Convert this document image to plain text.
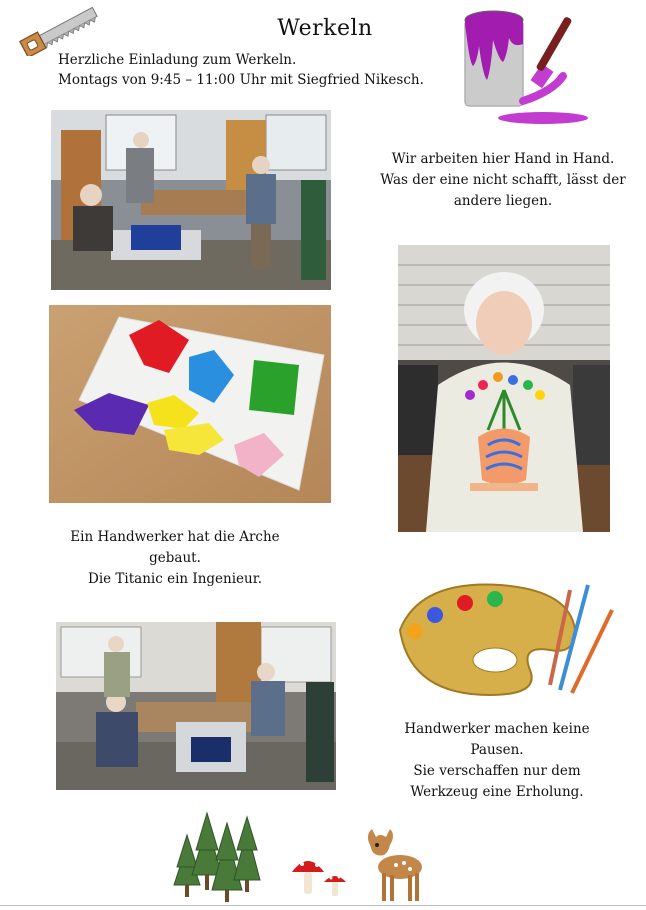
Werkeln
Herzliche Einladung zum Werkeln.
Montags von 9:45 – 11:00 Uhr mit Siegfried Nikesch.
Wir arbeiten hier Hand in Hand.
Was der eine nicht schafft, lässt der
andere liegen.
Ein Handwerker hat die Arche
gebaut.
Die Titanic ein Ingenieur.
Handwerker machen keine
Pausen.
Sie verschaffen nur dem
Werkzeug eine Erholung.
